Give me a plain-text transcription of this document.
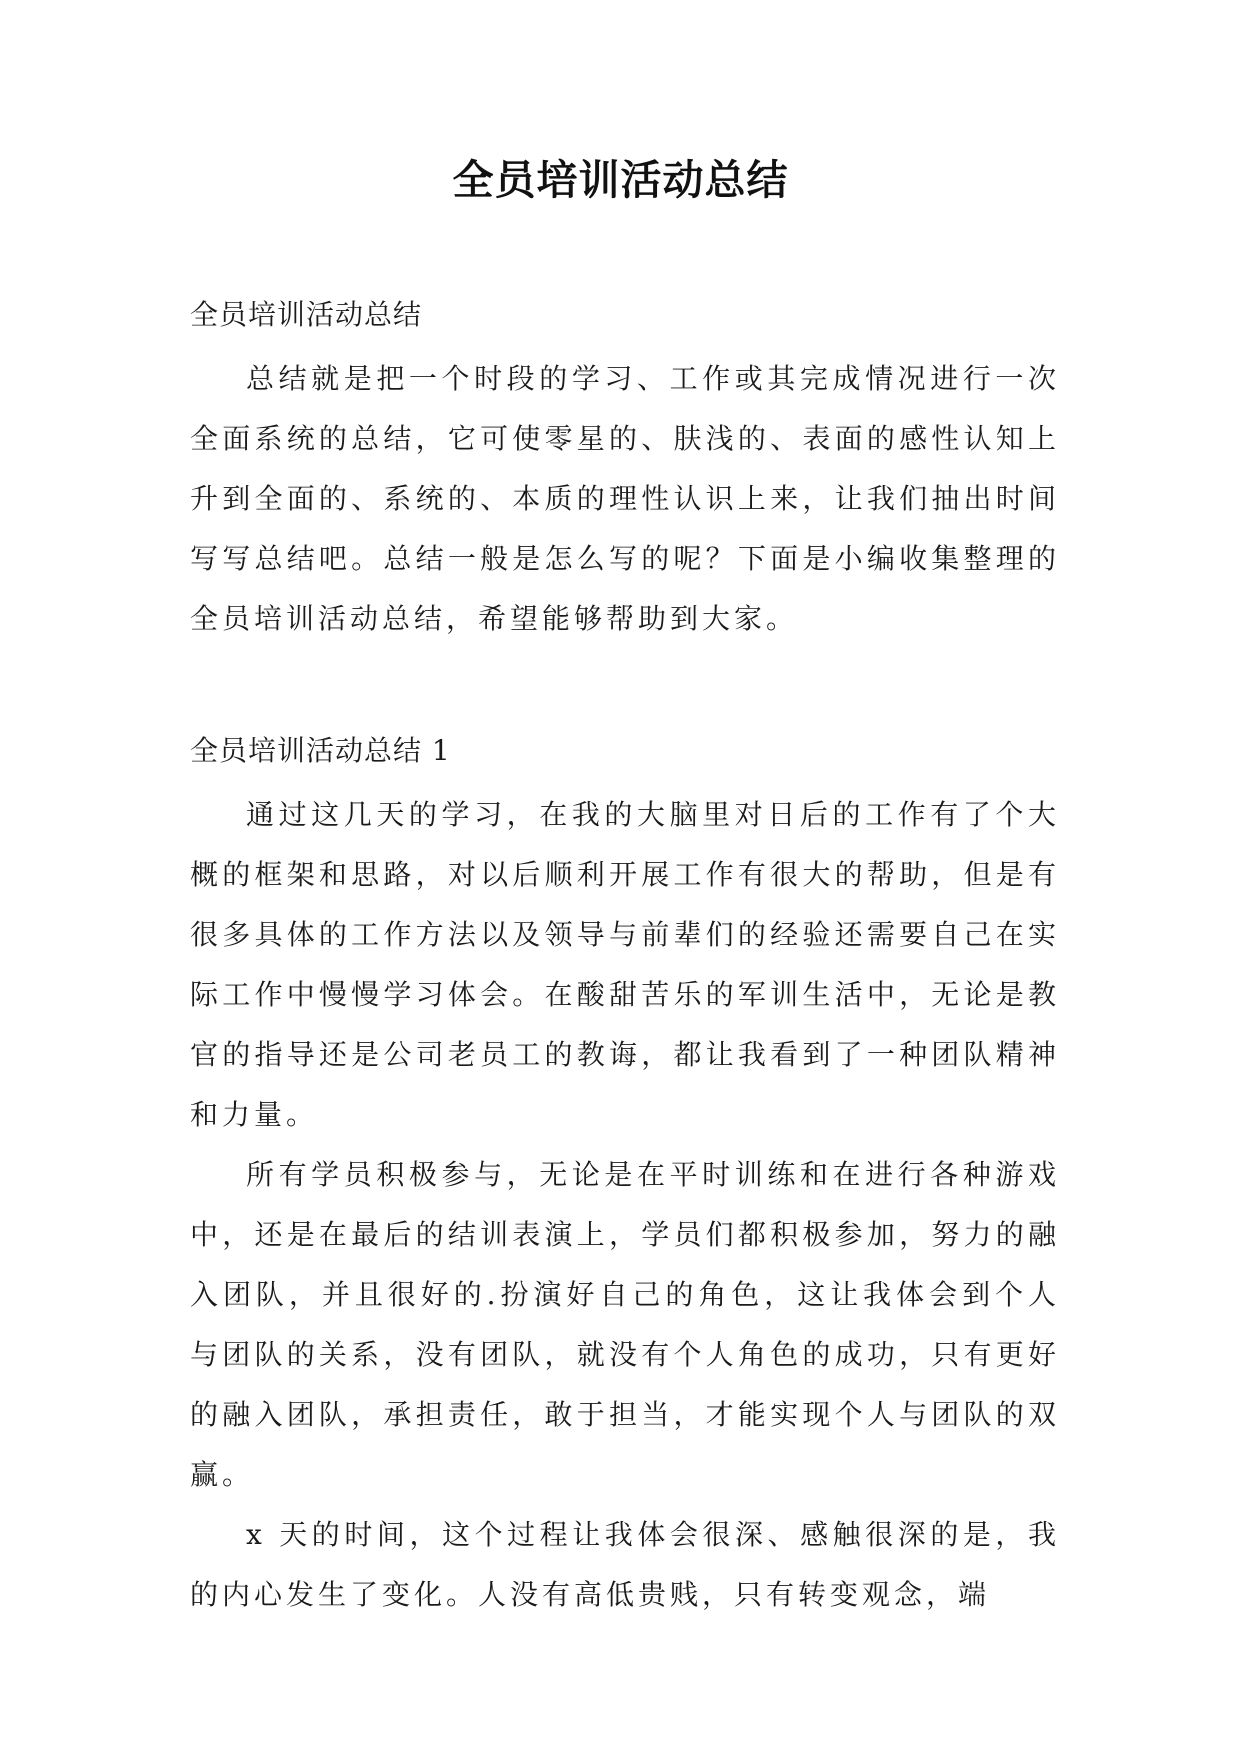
全员培训活动总结

全员培训活动总结

总结就是把一个时段的学习、工作或其完成情况进行一次全面系统的总结，它可使零星的、肤浅的、表面的感性认知上升到全面的、系统的、本质的理性认识上来，让我们抽出时间写写总结吧。总结一般是怎么写的呢？下面是小编收集整理的全员培训活动总结，希望能够帮助到大家。

全员培训活动总结 1

通过这几天的学习，在我的大脑里对日后的工作有了个大概的框架和思路，对以后顺利开展工作有很大的帮助，但是有很多具体的工作方法以及领导与前辈们的经验还需要自己在实际工作中慢慢学习体会。在酸甜苦乐的军训生活中，无论是教官的指导还是公司老员工的教诲，都让我看到了一种团队精神和力量。

所有学员积极参与，无论是在平时训练和在进行各种游戏中，还是在最后的结训表演上，学员们都积极参加，努力的融入团队，并且很好的.扮演好自己的角色，这让我体会到个人与团队的关系，没有团队，就没有个人角色的成功，只有更好的融入团队，承担责任，敢于担当，才能实现个人与团队的双赢。

x 天的时间，这个过程让我体会很深、感触很深的是，我的内心发生了变化。人没有高低贵贱，只有转变观念，端
